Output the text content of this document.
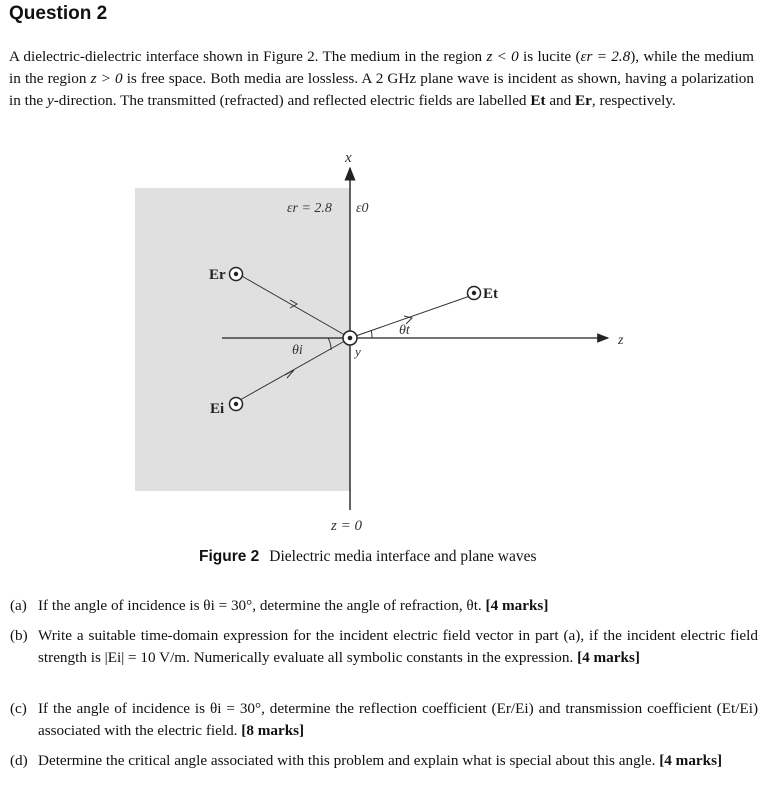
Question 2
A dielectric-dielectric interface shown in Figure 2. The medium in the region z < 0 is lucite (εr = 2.8), while the medium in the region z > 0 is free space. Both media are lossless. A 2 GHz plane wave is incident as shown, having a polarization in the y-direction. The transmitted (refracted) and reflected electric fields are labelled Et and Er, respectively.
x
z
y
εr = 2.8 ε0
Er
Ei
Et
θi
θt
z = 0
Figure 2 Dielectric media interface and plane waves
(a) If the angle of incidence is θi = 30°, determine the angle of refraction, θt. [4 marks]
(b) Write a suitable time-domain expression for the incident electric field vector in part (a), if the incident electric field strength is |Ei| = 10 V/m. Numerically evaluate all symbolic constants in the expression. [4 marks]
(c) If the angle of incidence is θi = 30°, determine the reflection coefficient (Er/Ei) and transmission coefficient (Et/Ei) associated with the electric field. [8 marks]
(d) Determine the critical angle associated with this problem and explain what is special about this angle. [4 marks]
